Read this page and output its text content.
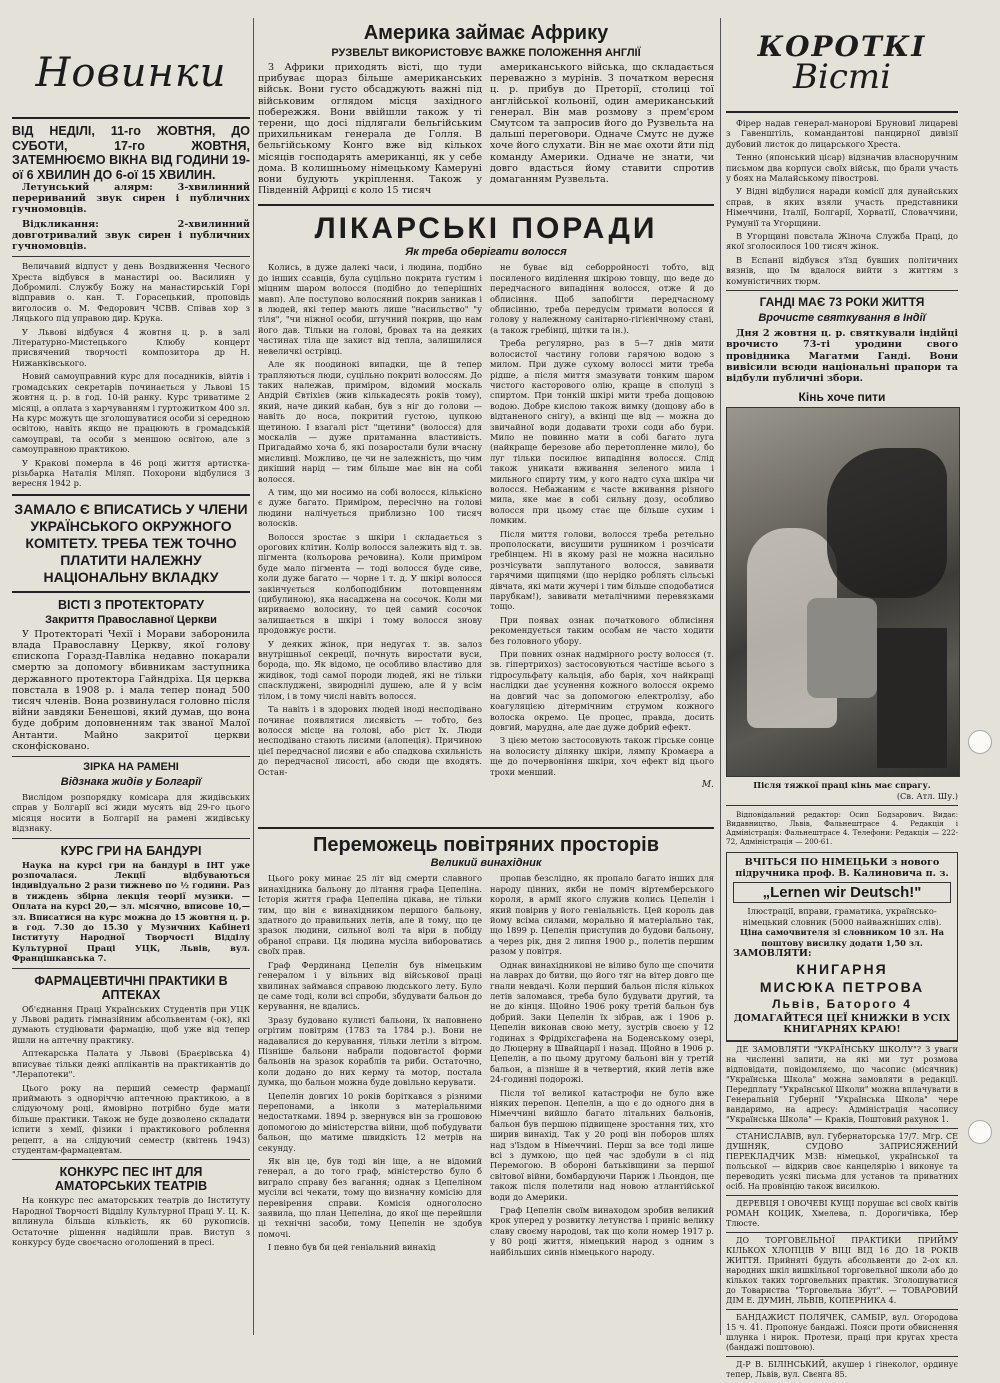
Новинки
ВІД НЕДІЛІ, 11-го ЖОВТНЯ, ДО СУБОТИ, 17-го ЖОВТНЯ, ЗАТЕМНЮЄМО ВІКНА ВІД ГОДИНИ 19-ої 6 ХВИЛИН ДО 6-ої 15 ХВИЛИН.

Летунський алярм: 3-хвилинний перериваний звук сирен і публичних гучномовців.

Відкликання: 2-хвилинний довготривалий звук сирен і публичних гучномовців.

Величавий відпуст у день Воздвиження Чесного Хреста відбувся в манастирі оо. Василиян у Добромилі. Службу Божу на манастирській Горі відправив о. кан. Т. Горасецький, проповідь виголосив о. М. Федорович ЧСВВ. Співав хор з Ляцького під управою дир. Крука.

У Львові відбувся 4 жовтня ц. р. в залі Літературно-Мистецького Клюбу концерт присвячений творчості композитора др Н. Нижанківського.

Новий самоуправний курс для посадників, війтів і громадських секретарів починається у Львові 15 жовтня ц. р. в год. 10-ій ранку. Курс триватиме 2 місяці, а оплата з харчуванням і гуртожитком 400 зл. На курс можуть ще зголошуватися особи зі середною освітою, навіть якщо не працюють в громадській самоуправі, та особи з меншою освітою, але з самоуправною практикою.

У Кракові померла в 46 році життя артистка-різьбарка Наталія Міляп. Похорони відбулися 3 вересня 1942 р.

ЗАМАЛО Є ВПИСАТИСЬ У ЧЛЕНИ УКРАЇНСЬКОГО ОКРУЖНОГО КОМІТЕТУ. ТРЕБА ТЕЖ ТОЧНО ПЛАТИТИ НАЛЕЖНУ НАЦІОНАЛЬНУ ВКЛАДКУ
ВІСТІ З ПРОТЕКТОРАТУ
Закриття Православної Церкви

У Протектораті Чехії і Морави заборонила влада Православну Церкву, якої голову єпископа Горазд-Павліка недавно покарали смертю за допомогу вбивникам заступника державного протектора Гайндріха. Ця церква повстала в 1908 р. і мала тепер понад 500 тисяч членів. Вона розвинулася головно після війни завдяки Бенешові, який думав, що вона буде добрим доповненням так званої Малої Антанти. Майно закритої церкви сконфісковано.

ЗІРКА НА РАМЕНІ
Відзнака жидів у Болгарії

Вислідом розпорядку комісара для жидівських справ у Болгарії всі жиди мусять від 29-го цього місяця носити в Болгарії на рамені жидівську відзнаку.

КУРС ГРИ НА БАНДУРІ

Наука на курсі гри на бандурі в ІНТ уже розпочалася. Лекції відбуваються індивідуально 2 рази тижнево по ½ години. Раз в тиждень збірна лекція теорії музики. — Оплата на курсі 20,— зл. місячно, вписове 10,— зл. Вписатися на курс можна до 15 жовтня ц. р. в год. 7.30 до 15.30 у Музичних Кабінеті Інституту Народної Творчості Відділу Культурної Праці УЦК, Львів, вул. Францішканська 7.

ФАРМАЦЕВТИЧНІ ПРАКТИКИ В АПТЕКАХ

Об'єднання Праці Українських Студентів при УЦК у Львові радить гімназійним абсольвентам (-ок), які думають студіювати фармацію, щоб уже від тепер йшли на аптечну практику.

Аптекарська Палата у Львові (Браєрівська 4) вписуває тільки деякі аплікантів на практикантів до "Лерапотеки".

Цього року на перший семестр фармації приймають з одноріччю аптечною практикою, а в слідуючому році, ймовірно потрібно буде мати більше практики. Також не буде дозволено складати іспити з хемії, фізики і практикового роблення рецепт, а на слідуючий семестр (квітень 1943) студентам-фармацевтам.

КОНКУРС ПЕС ІНТ ДЛЯ АМАТОРСЬКИХ ТЕАТРІВ

На конкурс пес аматорських театрів до Інституту Народної Творчості Відділу Культурної Праці У. Ц. К. вплинула більша кількість, як 60 рукописів. Остаточне рішення надійшли прав. Виступ з конкурсу буде своєчасно оголошений в пресі.

Америка займає Африку
РУЗВЕЛЬТ ВИКОРИСТОВУЄ ВАЖКЕ ПОЛОЖЕННЯ АНГЛІЇ

З Африки приходять вісті, що туди прибуває щораз більше американських військ. Вони густо обсаджують важні під військовим оглядом місця західного побережжя. Вони ввійшли також у ті терени, що досі підлягали бельгійським прихильникам генерала де Голля. В бельгійському Конго вже від кількох місяців господарять американці, як у себе дома. В колишньому німецькому Камеруні вони будують укріплення. Також у Південній Африці є коло 15 тисяч

американського війська, що складається переважно з мурінів. З початком вересня ц. р. прибув до Преторії, столиці тої англійської кольонії, один американський генерал. Він мав розмову з прем'єром Смутсом та запросив його до Рузвельта на дальші переговори. Одначе Смутс не дуже хоче його слухати. Він не має охоти йти під команду Америки. Одначе не знати, чи довго вдасться йому ставити спротив домаганням Рузвельта.

ЛІКАРСЬКІ ПОРАДИ
Як треба оберігати волосся

Колись, в дуже далекі часи, і людина, подібно до інших ссавців, була суцільно покрита густим і міцним шаром волосся (подібно до теперішніх мавп). Але поступово волосяний покрив заникав і в людей, які тепер мають лише "насильство" "у тіля", "чи ніжної особи, штучний покрив, що нам його дав. Тільки на голові, бровах та на деяких частинах тіла ще захист від тепла, залишилися невеличкі острівці.

Але як поодинокі випадки, ще й тепер трапляються люди, суцільно покриті волоссям. До таких належав, приміром, відомий москаль Андрій Євтіхієв (жив кількадесять років тому), який, наче дикий кабан, був з ніг до голови — навіть до носа, покритий густою, цупкою щетиною. І взагалі ріст "щетини" (волосся) для москалів — дуже притаманна властивість. Пригадаймо хоча б, які позаростали були вчасну мисливці. Можливо, це чи не залежність, що чим дикіший нарід — тим більше має він на собі волосся.

А тим, що ми носимо на собі волосся, кількісно є дуже багато. Приміром, пересічно на голові людини налічується приблизно 100 тисяч волосків.

Волосся зростає з шкіри і складається з орогових клітин. Колір волосся залежить від т. зв. пігмента (кольорова речовина). Коли приміром буде мало пігмента — тоді волосся буде сиве, коли дуже багато — чорне і т. д. У шкірі волосся закінчується колбоподібним потовщенням (цибулиною), яка насаджена на сосочок. Коли ми вириваємо волосину, то цей самий сосочок залишається в шкірі і тому волосся знову продовжує рости.

У деяких жінок, при недугах т. зв. залоз внутрішньої секреції, почнуть виростати вуси, борода, що. Як відомо, це особливо властиво для жидівок, тоді самої породи людей, які не тільки спасклуджені, звироднілі душею, але й у всім тілом, і в тому числі навіть волосся.

Та навіть і в здорових людей іноді несподівано починає появлятися лисявість — тобто, без волосся місце на голові, або ріст їх. Люди несподівано стають лисими (алопеція). Причиною цієї передчасної лисяви є або спадкова схильність до передчасної лисості, або сюди ще входять. Остан-

не буває від себорройності тобто, від посиленого виділення шкірою товщу, що веде до передчасного випадіння волосся, отже й до облисіння. Щоб запобігти передчасному облисінню, треба передусім тримати волосся й голову у належному санітарно-гігієнічному стані, (а також гребінці, щітки та ін.).

Треба регулярно, раз в 5—7 днів мити волосистої частину голови гарячою водою з милом. При дуже сухому волоссі мити треба рідше, а після миття змазувати тонким шаром чистого касторового олію, краще в сполуці з спиртом. При тонкій шкірі мити треба дощовою водою. Добре кислою також вимку (дощову або в відтаненого снігу), а вкінці ще від — можна до звичайної води додавати трохи соди або бури. Мило не повинно мати в собі багато луга (найкраще березове або перетопленне мило), бо луг тільки посилює випадіння волосся. Слід також уникати вживання зеленого мила і мильного спирту тим, у кого надто суха шкіра чи волосся. Небажаним є часте вживання різного мила, яке має в собі сильну дозу, особливо волосся при цьому стає ще більше сухим і ломким.

Після миття голови, волосся треба ретельно прополоскати, висушити рушником і розчісати гребінцем. Ні в якому разі не можна насильно розчісувати заплутаного волосся, завивати гарячими щипцями (що нерідко роблять сільські дівчата, які мати жучері і тим більше сподобатися парубкам!), завивати металічними перевязками тощо.

При появах ознак початкового облисіння рекомендується таким особам не часто ходити без головного убору.

При повних ознак надмірного росту волосся (т. зв. гіпертрихоз) застосовуються частіше всього з гідросульфату кальція, або барія, хоч найкращі наслідки дає усунення кожного волосся окремо на довгий час за допомогою електролізу, або коагуляцією дітермічним струмом кожного волоска окремо. Це процес, правда, досить довгий, марудна, але дає дуже добрий ефект.

З цією метою застосовують також гірське сонце на волосисту ділянку шкіри, лямпу Кромаєра а ще до почервоніння шкіри, хоч ефект від цього трохи менший.

М.
Переможець повітряних просторів
Великий винахідник

Цього року минає 25 літ від смерти славного винахідника бальону до літання графа Цепеліна. Історія життя графа Цепеліна цікава, не тільки тим, що він є винахідником першого бальону, здатного до правильних летів, але й тому, що це зразок людини, сильної волі та віри в побіду обраної справи. Ця людина мусіла вибороватись своїх прав.

Граф Фердинанд Цепелін був німецьким генералом і у вільних від військової праці хвилинах займався справою людського лету. Було це саме тоді, коли всі спроби, збудувати бальон до керування, не вдались.

Зразу будовано кулисті бальони, їх наповнено огрітим повітрям (1783 та 1784 р.). Вони не надавалися до керування, тільки летіли з вітром. Пізніше бальони набрали подовгастої форми бальонів на зразок кораблів та риби. Остаточно, коли додано до них керму та мотор, постала думка, що бальон можна буде довільно керувати.

Цепелін довгих 10 років боріткався з різними перепонами, а інколи з матеріальними недостатками. 1894 р. звернувся він за грошовою допомогою до міністерства війни, щоб побудувати бальон, що матиме швидкість 12 метрів на секунду.

Як він це, був тоді він іще, а не відомий генерал, а до того граф, міністерство було б виграло справу без вагання; однак з Цепеліном мусіли всі чекати, тому що визначну комісію для перевірення справи. Комісія одноголосно заявила, що план Цепеліна, до якої ще перейшли ці технічні засоби, тому Цепелін не здобув помочі.

І певно був би цей геніальний винахід

пропав безслідно, як пропало багато інших для народу цінних, якби не поміч віртемберського короля, в армії якого служив колись Цепелін і який повірив у його геніальність. Цей король дав йому всіма силами, морально й матеріально так, що 1899 р. Цепелін приступив до будови бальону, а через рік, дня 2 липня 1900 р., полетів першим разом у повітря.

Однак винахідникові не віливо було ще спочити на лаврах до битви, що його тяг на вітер довго ще гнали невдачі. Коли перший бальон після кількох летів заломався, треба було будувати другий, та не до кінця. Щойно 1906 року третій бальон був добрий. Заки Цепелін їх зібрав, аж і 1906 р. Цепелін виконав свою мету, зустрів своєю у 12 годинах з Фрідріхсгафена на Боденському озері, до Люцерну в Швайцарії і назад. Щойно в 1906 р. Цепелін, а по цьому другому бальоні він у третій бальон, а пізніше й в четвертий, який летів вже 24-годинні подорожі.

Після тої великої катастрофи не було вже ніяких перепон. Цепелін, а що є до одного дня в Німеччині вийшло багато літальних бальонів, бальон був першою підвищене зростання тих, хто ширив винахід. Так у 20 році він поборов шлях над з'їздом в Німеччині. Перш за все тоді лише всі з думкою, що цей час здобули в сі під Перемогою. В обороні батьківщини за першої світової війни, бомбардуючи Париж і Льондон, ще також після полетили над новою атлантійської води до Америки.

Граф Цепелін своїм винаходом зробив великий крок уперед у розвитку летунства і приніс велику славу своєму народові, так що коли номер 1917 р. у 80 році життя, німецький народ з одним з найбільших синів німецького народу.

КОРОТКІ
Вісті

Фірер надав генерал-манорові Бруновиї лицареві з Гавенштіль, командантові панцирної дивізії дубовий листок до лицарського Хреста.

Тенно (японський цісар) відзначив власноручним письмом два корпуси своїх військ, що брали участь у боях на Малайському півострові.

У Відні відбулися наради комісії для дунайських справ, в яких взяли участь представники Німеччини, Італії, Болгарії, Хорватії, Словаччини, Румунії та Угорщини.

В Угорщині повстала Жіноча Служба Праці, до якої зголосилося 100 тисяч жінок.

В Еспанії відбувся з'їзд бувших політичних вязнів, що їм вдалося вийти з життям з комуністичних тюрм.

ГАНДІ МАЄ 73 РОКИ ЖИТТЯ
Врочисте святкування в Індії

Дня 2 жовтня ц. р. святкували індійці врочисто 73-ті уродини свого провідника Магатми Ганді. Вони вивісили всюди національні прапори та відбули публичні збори.

Кінь хоче пити
Після тяжкої праці кінь має спрагу.
(Св. Атл. Шу.)

Відповідальний редактор: Осип Бодзарович. Видає: Видавництво, Львів, Фальнештрасе 4. Редакція і Адміністрація: Фальнештрасе 4. Телефони: Редакція — 222-72, Адміністрація — 200-61.

ВЧІТЬСЯ ПО НІМЕЦЬКИ з нового підручника проф. В. Калиновича п. з.
„Lernen wir Deutsch!"
Ілюстрації, вправи, граматика, українсько-німецький словник (5000 найважніших слів).
Ціна самочвителя зі словником 10 зл. На поштову висилку додати 1,50 зл.
ЗАМОВЛЯТИ:
КНИГАРНЯ
МИСЮКА ПЕТРОВА
Львів, Баторого 4
ДОМАГАЙТЕСЯ ЦЕЇ КНИЖКИ В УСІХ КНИГАРНЯХ КРАЮ!

ДЕ ЗАМОВЛЯТИ "УКРАЇНСЬКУ ШКОЛУ"? З уваги на численні запити, на які ми тут розмова відповідати, повідомляємо, що часопис (місячник) "Українська Школа" можна замовляти в редакції. Передплату "Української Школи" можна вплачувати в Генеральній Губернії "Українська Школа" чере вандаримо, на адресу: Адміністрація часопису "Українська Школа" — Краків, Поштовий рахунок 1.

СТАНИСЛАВІВ, вул. Губернаторська 17/7. Мгр. СЕ ДУШНЯК, СУДОВО ЗАПРИСЯЖЕНИЙ ПЕРЕКЛАДЧИК МЗВ: німецької, української та польської — відкрив своє канцелярію і виконує та переводить усякі письма для установ та приватних осіб. На провінцію також висилкою.

ДЕРЕВЦЯ І ОВОЧЕВІ КУЩІ порушає всі своїх квітів РОМАН КОЦИК, Хмелева, п. Дорогичівка, Ібер Тлюсте.

ДО ТОРГОВЕЛЬНОЇ ПРАКТИКИ ПРИЙМУ КІЛЬКОХ ХЛОПЦІВ У ВІЦІ ВІД 16 ДО 18 РОКІВ ЖИТТЯ. Прийняті будуть абсольвенти до 2-ох кл. народних шкіл вишкільної торговельної школи або до кількох таких торговельних практик. Зголошуватися до Товариства "Торговельна Збут". — ТОВАРОВИЙ ДІМ Е. ДУМИН, ЛЬВІВ, КОПЕРНИКА 4.

БАНДАЖИСТ ПОЛЯЧЕК, САМБІР, вул. Огородова 15 ч. 41. Пропонує бандажі. Пояси проти обвиснення шлунка і нирок. Протези, праці при кругах хреста (бандажі поштовою).

Д-Р В. БІЛІНСЬКИЙ, акушер і гінеколог, ординує тепер, Львів, вул. Свєнга 85.
